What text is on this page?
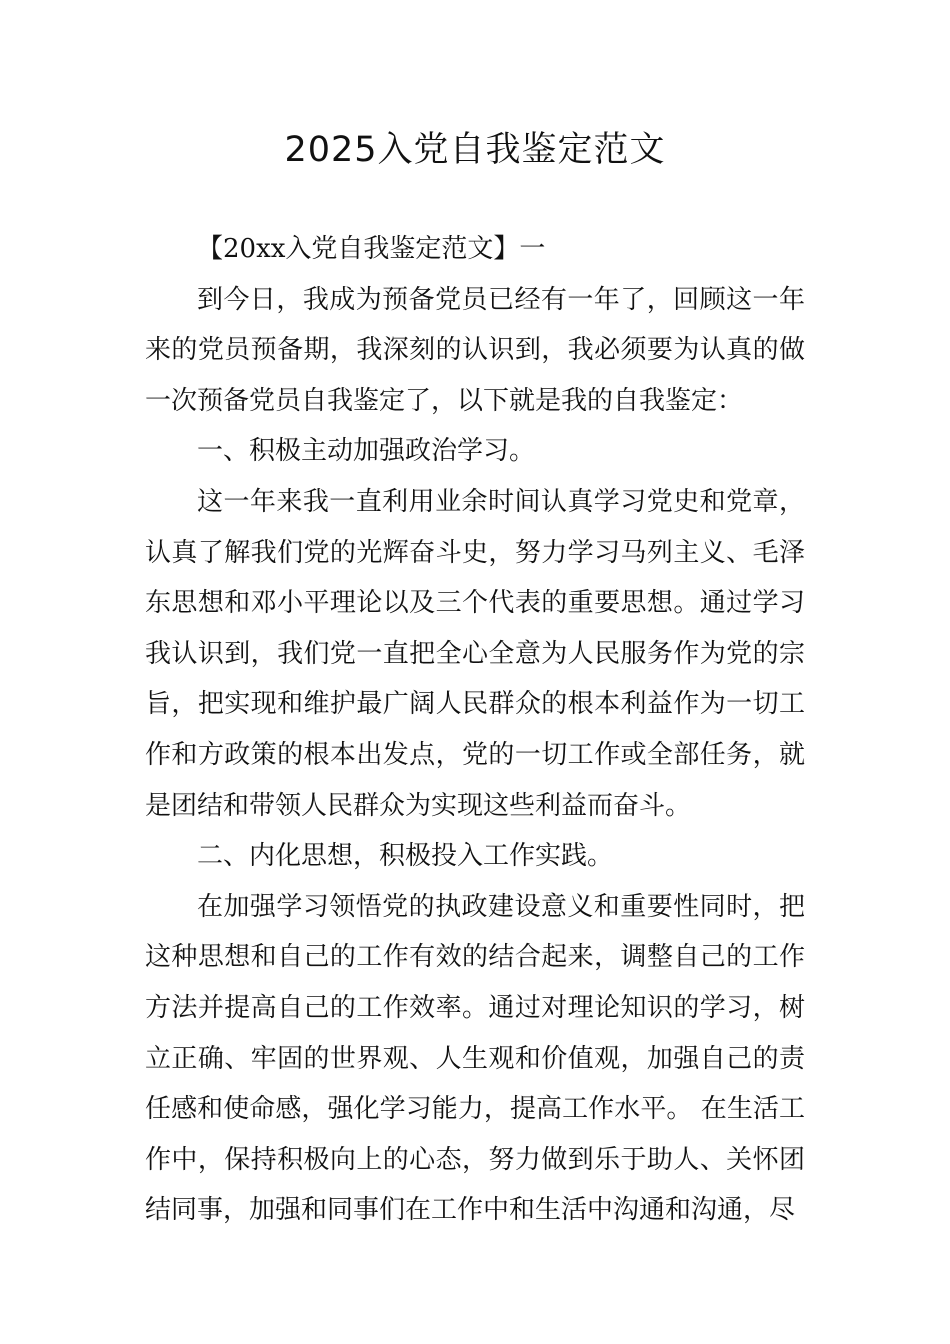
2025入党自我鉴定范文

【20xx入党自我鉴定范文】一

到今日，我成为预备党员已经有一年了，回顾这一年来的党员预备期，我深刻的认识到，我必须要为认真的做一次预备党员自我鉴定了，以下就是我的自我鉴定：

一、积极主动加强政治学习。

这一年来我一直利用业余时间认真学习党史和党章，认真了解我们党的光辉奋斗史，努力学习马列主义、毛泽东思想和邓小平理论以及三个代表的重要思想。通过学习我认识到，我们党一直把全心全意为人民服务作为党的宗旨，把实现和维护最广阔人民群众的根本利益作为一切工作和方政策的根本出发点，党的一切工作或全部任务，就是团结和带领人民群众为实现这些利益而奋斗。

二、内化思想，积极投入工作实践。

在加强学习领悟党的执政建设意义和重要性同时，把这种思想和自己的工作有效的结合起来，调整自己的工作方法并提高自己的工作效率。通过对理论知识的学习，树立正确、牢固的世界观、人生观和价值观，加强自己的责任感和使命感，强化学习能力，提高工作水平。 在生活工作中，保持积极向上的心态，努力做到乐于助人、关怀团结同事，加强和同事们在工作中和生活中沟通和沟通，尽
